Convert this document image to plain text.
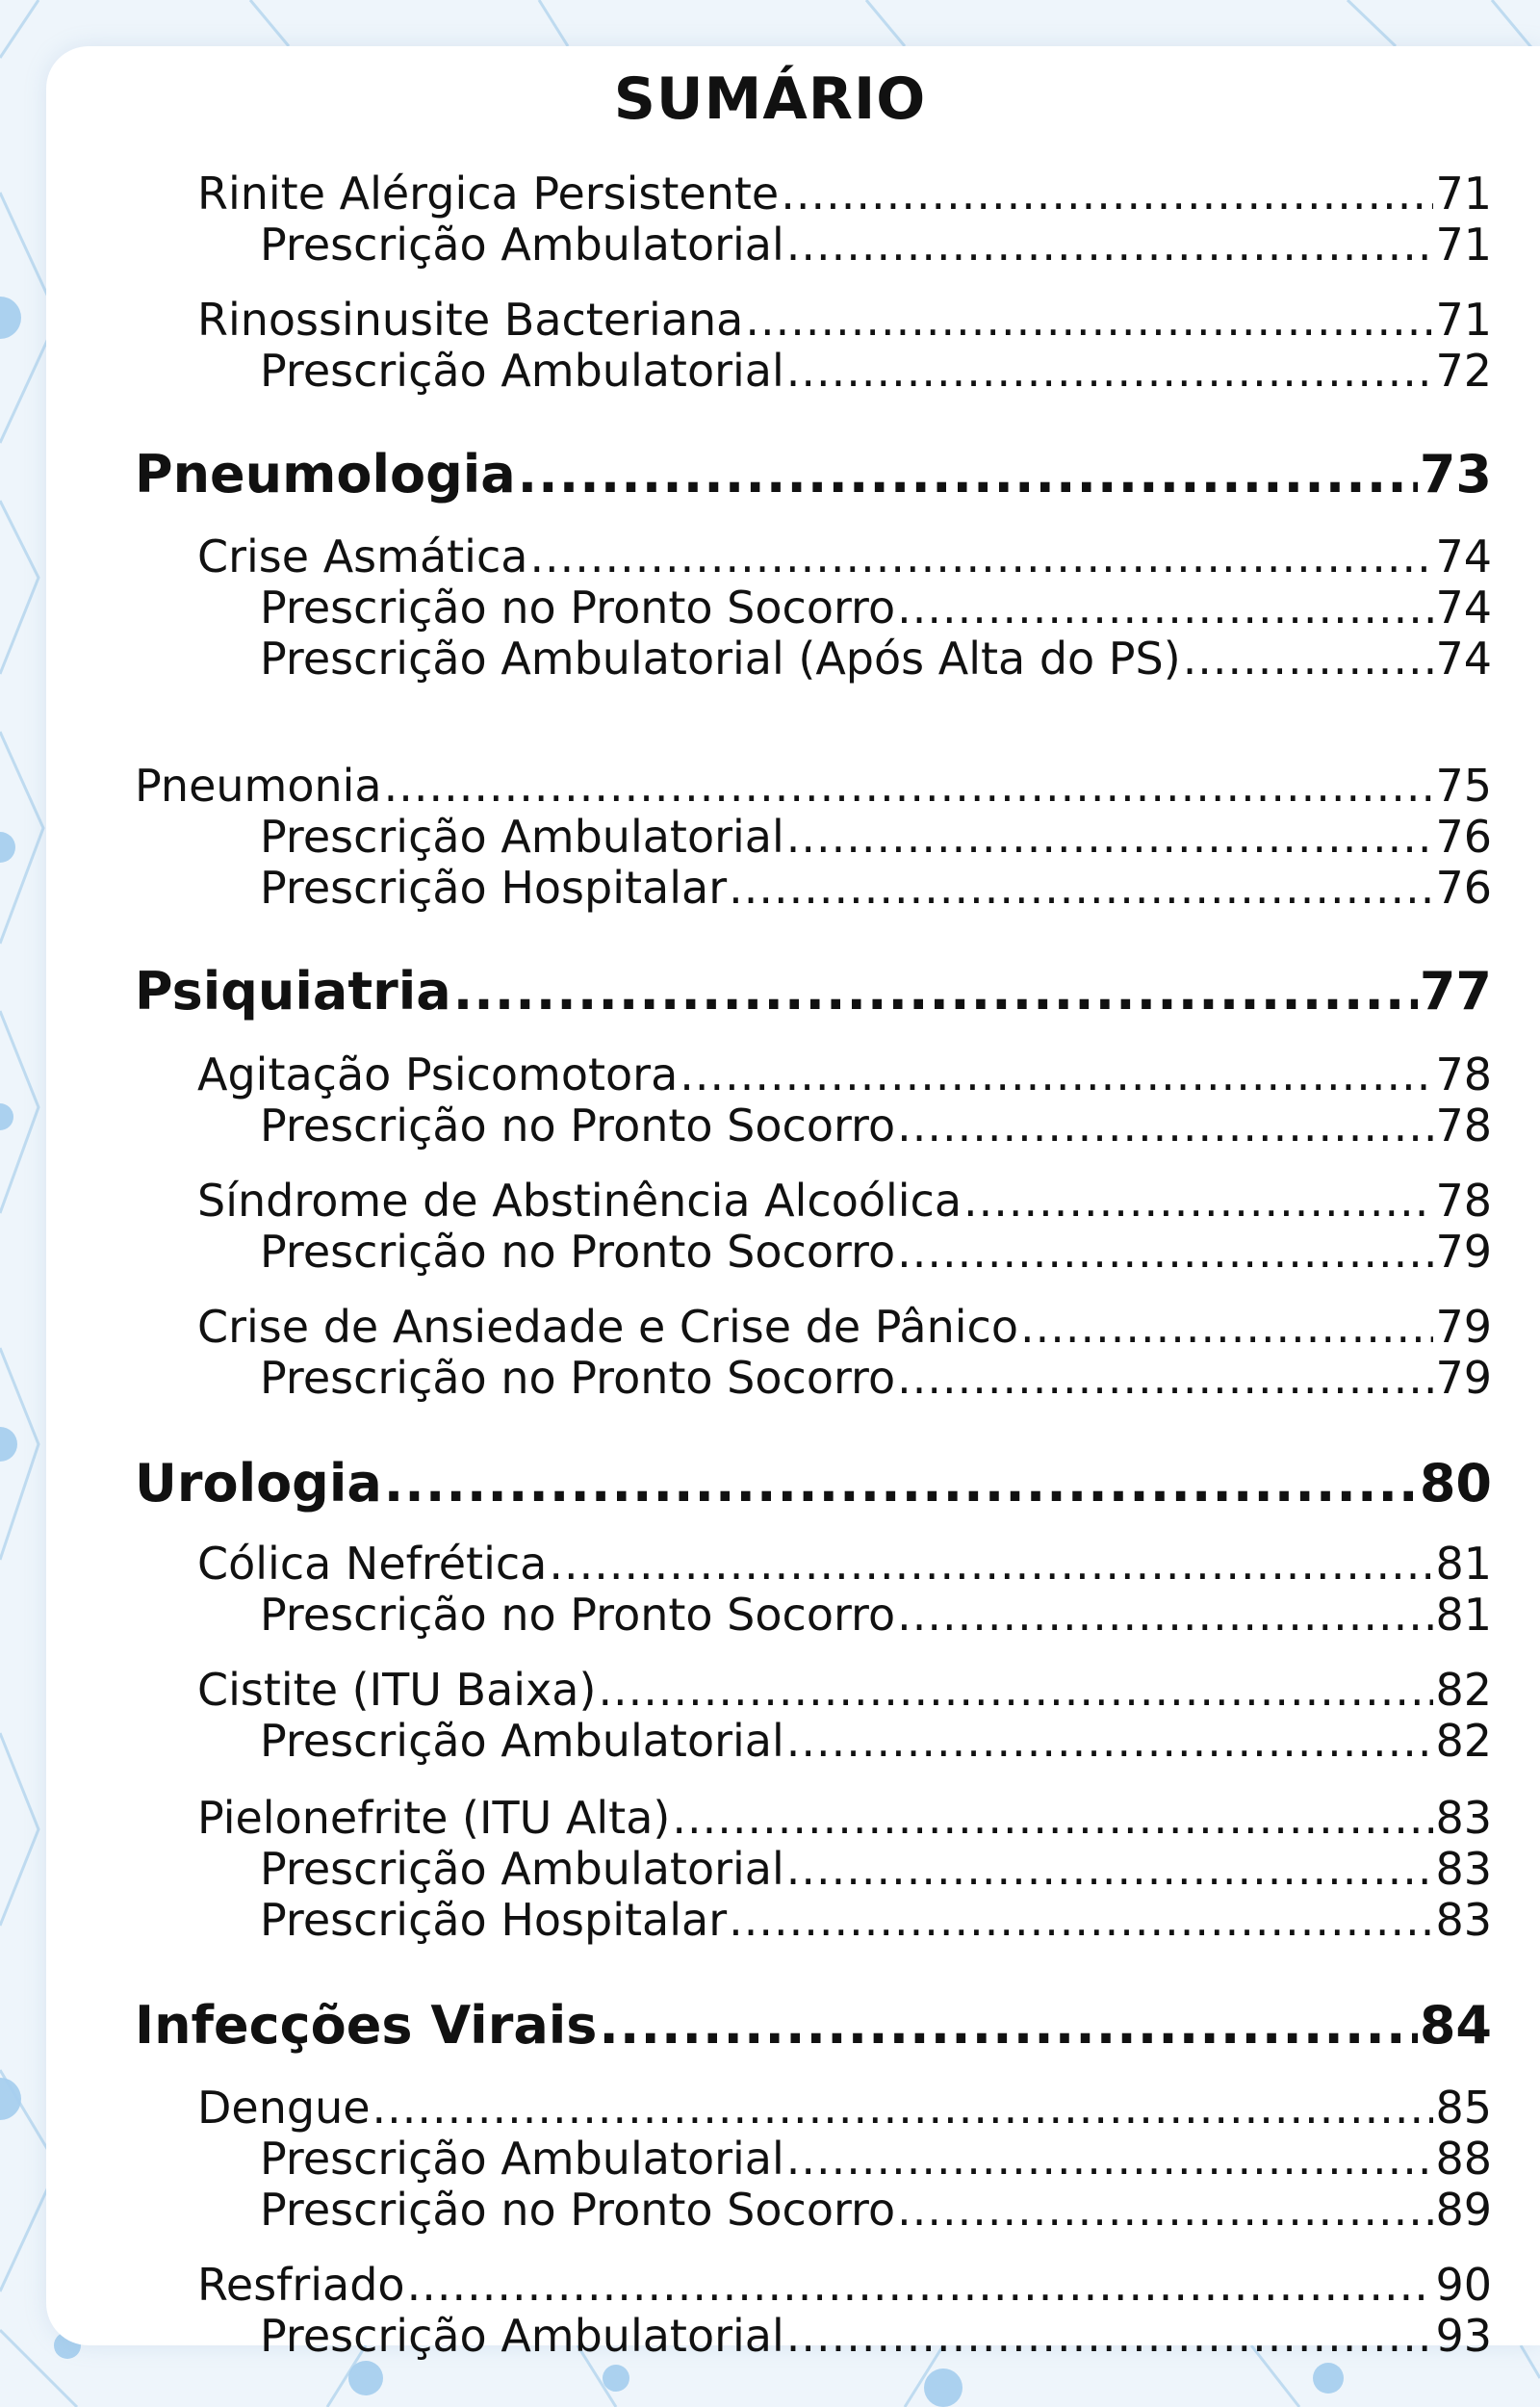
SUMÁRIO
Rinite Alérgica Persistente .....	71
Prescrição Ambulatorial .....	71
Rinossinusite Bacteriana .....	71
Prescrição Ambulatorial .....	72
Pneumologia .....	73
Crise Asmática .....	74
Prescrição no Pronto Socorro .....	74
Prescrição Ambulatorial (Após Alta do PS) .....	74
Pneumonia .....	75
Prescrição Ambulatorial .....	76
Prescrição Hospitalar .....	76
Psiquiatria .....	77
Agitação Psicomotora .....	78
Prescrição no Pronto Socorro .....	78
Síndrome de Abstinência Alcoólica .....	78
Prescrição no Pronto Socorro .....	79
Crise de Ansiedade e Crise de Pânico .....	79
Prescrição no Pronto Socorro .....	79
Urologia .....	80
Cólica Nefrética .....	81
Prescrição no Pronto Socorro .....	81
Cistite (ITU Baixa) .....	82
Prescrição Ambulatorial .....	82
Pielonefrite (ITU Alta) .....	83
Prescrição Ambulatorial .....	83
Prescrição Hospitalar .....	83
Infecções Virais .....	84
Dengue .....	85
Prescrição Ambulatorial .....	88
Prescrição no Pronto Socorro .....	89
Resfriado .....	90
Prescrição Ambulatorial .....	93
